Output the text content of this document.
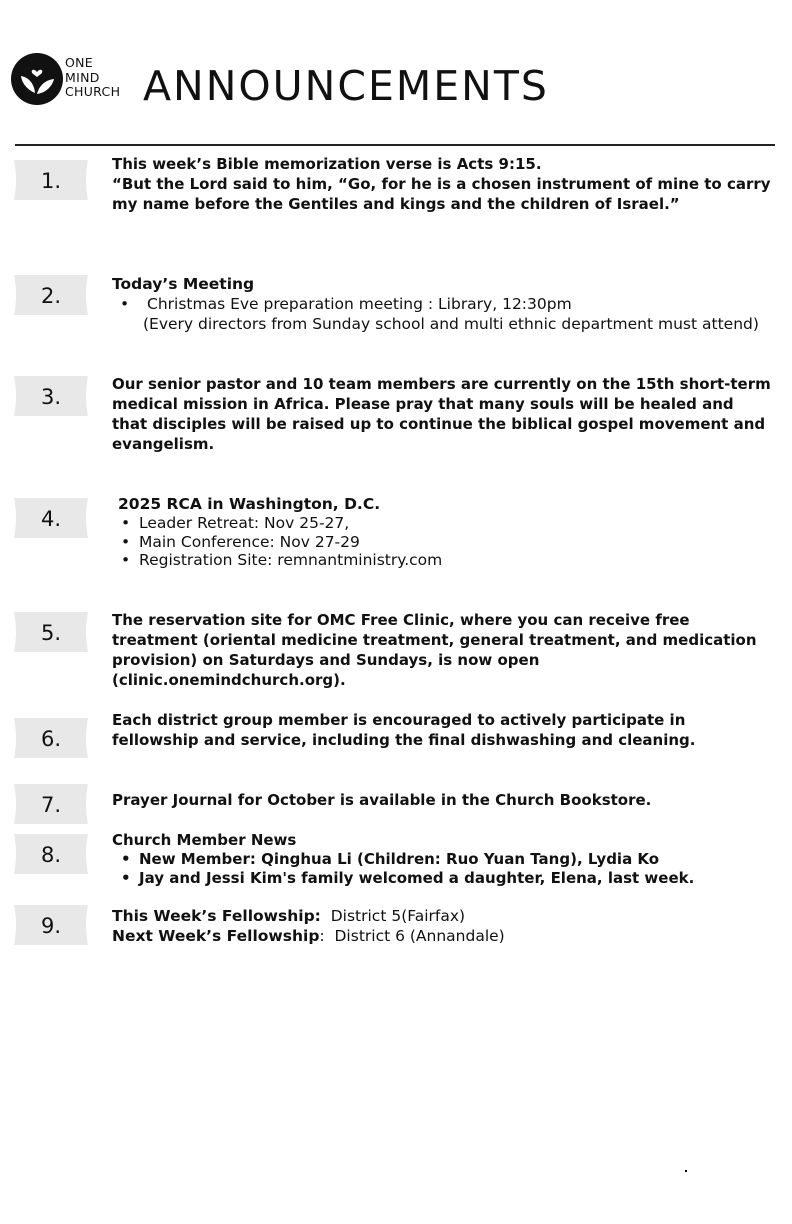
ONE
MIND
CHURCH ANNOUNCEMENTS
1.
2.
3.
4.
5.
6.
7.
8.
9.
This week’s Bible memorization verse is Acts 9:15.
“But the Lord said to him, “Go, for he is a chosen instrument of mine to carry my name before the Gentiles and kings and the children of Israel.”
Today’s Meeting
• Christmas Eve preparation meeting : Library, 12:30pm
(Every directors from Sunday school and multi ethnic department must attend)
Our senior pastor and 10 team members are currently on the 15th short-term medical mission in Africa. Please pray that many souls will be healed and that disciples will be raised up to continue the biblical gospel movement and evangelism.
2025 RCA in Washington, D.C.
• Leader Retreat: Nov 25-27,
• Main Conference: Nov 27-29
• Registration Site: remnantministry.com
The reservation site for OMC Free Clinic, where you can receive free treatment (oriental medicine treatment, general treatment, and medication provision) on Saturdays and Sundays, is now open (clinic.onemindchurch.org).
Each district group member is encouraged to actively participate in fellowship and service, including the final dishwashing and cleaning.
Prayer Journal for October is available in the Church Bookstore.
Church Member News
• New Member: Qinghua Li (Children: Ruo Yuan Tang), Lydia Ko
• Jay and Jessi Kim's family welcomed a daughter, Elena, last week.
This Week’s Fellowship: District 5(Fairfax)
Next Week’s Fellowship:  District 6 (Annandale)
